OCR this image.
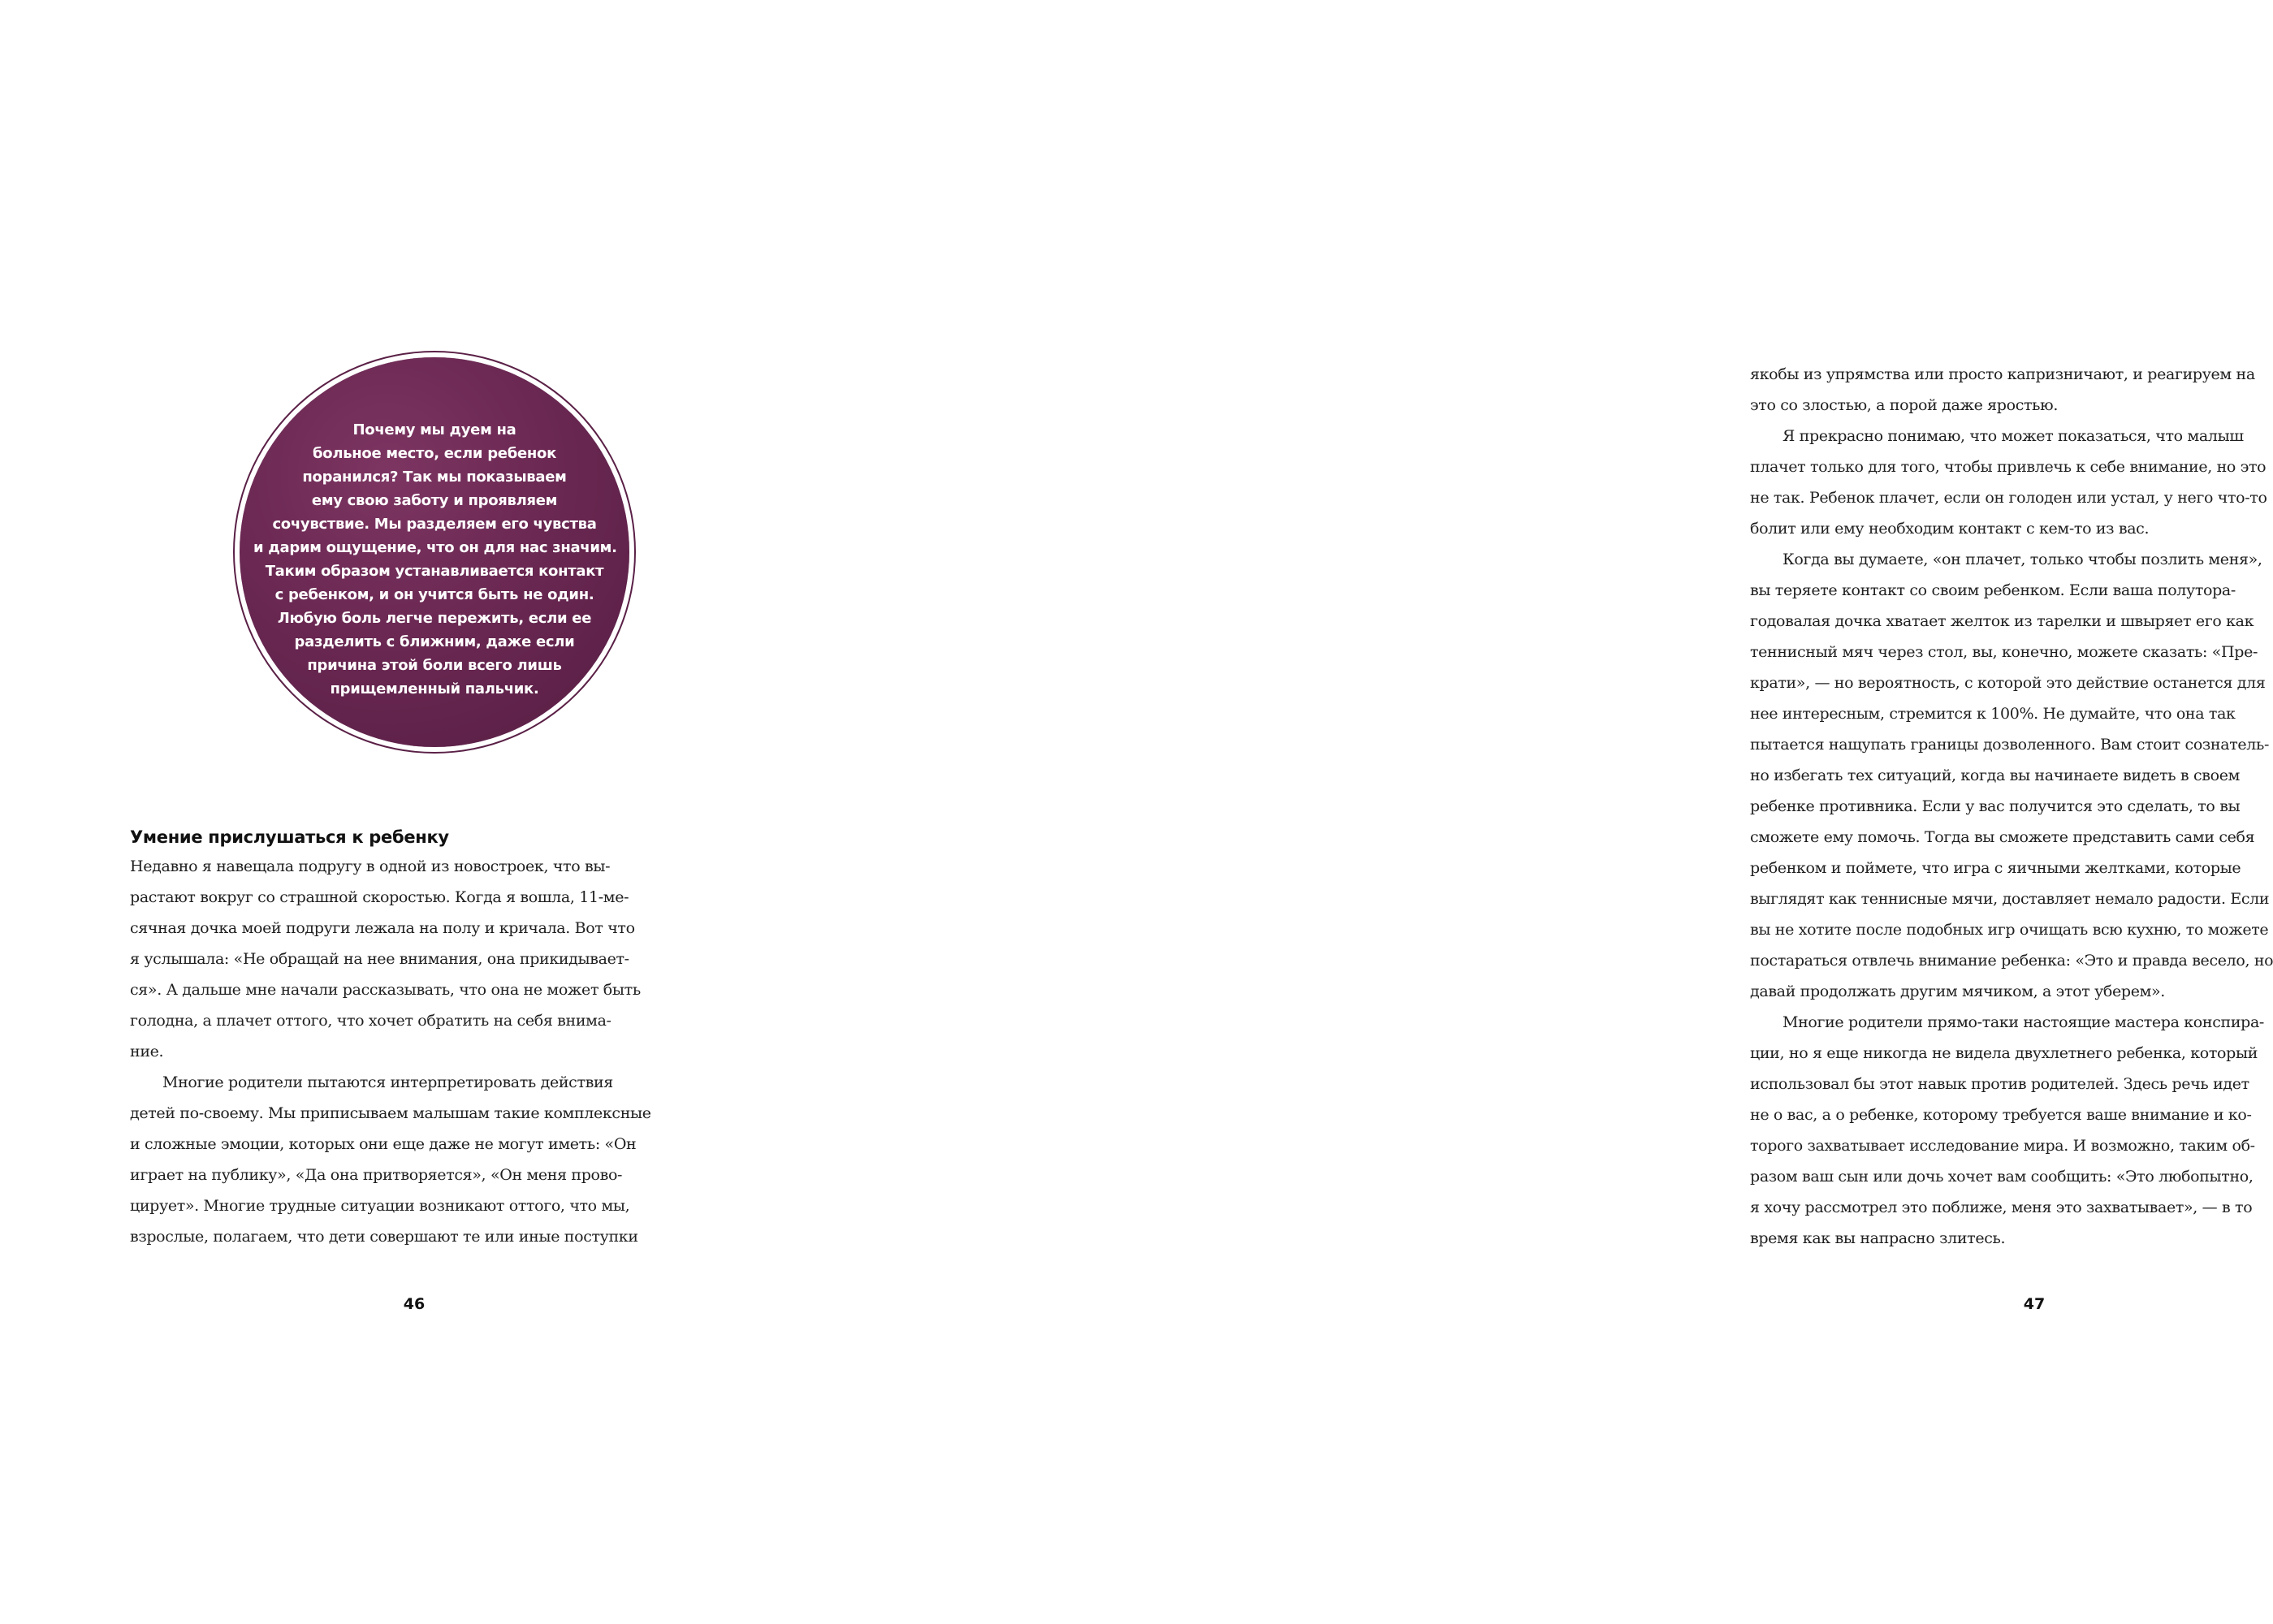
Почему мы дуем на
больное место, если ребенок
поранился? Так мы показываем
ему свою заботу и проявляем
сочувствие. Мы разделяем его чувства
и дарим ощущение, что он для нас значим.
Таким образом устанавливается контакт
с ребенком, и он учится быть не один.
Любую боль легче пережить, если ее
разделить с ближним, даже если
причина этой боли всего лишь
прищемленный пальчик.
Умение прислушаться к ребенку
Недавно я навещала подругу в одной из новостроек, что вы-
растают вокруг со страшной скоростью. Когда я вошла, 11-ме-
сячная дочка моей подруги лежала на полу и кричала. Вот что
я услышала: «Не обращай на нее внимания, она прикидывает-
ся». А дальше мне начали рассказывать, что она не может быть
голодна, а плачет оттого, что хочет обратить на себя внима-
ние.
Многие родители пытаются интерпретировать действия
детей по-своему. Мы приписываем малышам такие комплексные
и сложные эмоции, которых они еще даже не могут иметь: «Он
играет на публику», «Да она притворяется», «Он меня прово-
цирует». Многие трудные ситуации возникают оттого, что мы,
взрослые, полагаем, что дети совершают те или иные поступки
46
якобы из упрямства или просто капризничают, и реагируем на
это со злостью, а порой даже яростью.
Я прекрасно понимаю, что может показаться, что малыш
плачет только для того, чтобы привлечь к себе внимание, но это
не так. Ребенок плачет, если он голоден или устал, у него что-то
болит или ему необходим контакт с кем-то из вас.
Когда вы думаете, «он плачет, только чтобы позлить меня»,
вы теряете контакт со своим ребенком. Если ваша полутора-
годовалая дочка хватает желток из тарелки и швыряет его как
теннисный мяч через стол, вы, конечно, можете сказать: «Пре-
крати», — но вероятность, с которой это действие останется для
нее интересным, стремится к 100%. Не думайте, что она так
пытается нащупать границы дозволенного. Вам стоит сознатель-
но избегать тех ситуаций, когда вы начинаете видеть в своем
ребенке противника. Если у вас получится это сделать, то вы
сможете ему помочь. Тогда вы сможете представить сами себя
ребенком и поймете, что игра с яичными желтками, которые
выглядят как теннисные мячи, доставляет немало радости. Если
вы не хотите после подобных игр очищать всю кухню, то можете
постараться отвлечь внимание ребенка: «Это и правда весело, но
давай продолжать другим мячиком, а этот уберем».
Многие родители прямо-таки настоящие мастера конспира-
ции, но я еще никогда не видела двухлетнего ребенка, который
использовал бы этот навык против родителей. Здесь речь идет
не о вас, а о ребенке, которому требуется ваше внимание и ко-
торого захватывает исследование мира. И возможно, таким об-
разом ваш сын или дочь хочет вам сообщить: «Это любопытно,
я хочу рассмотрел это поближе, меня это захватывает», — в то
время как вы напрасно злитесь.
47
